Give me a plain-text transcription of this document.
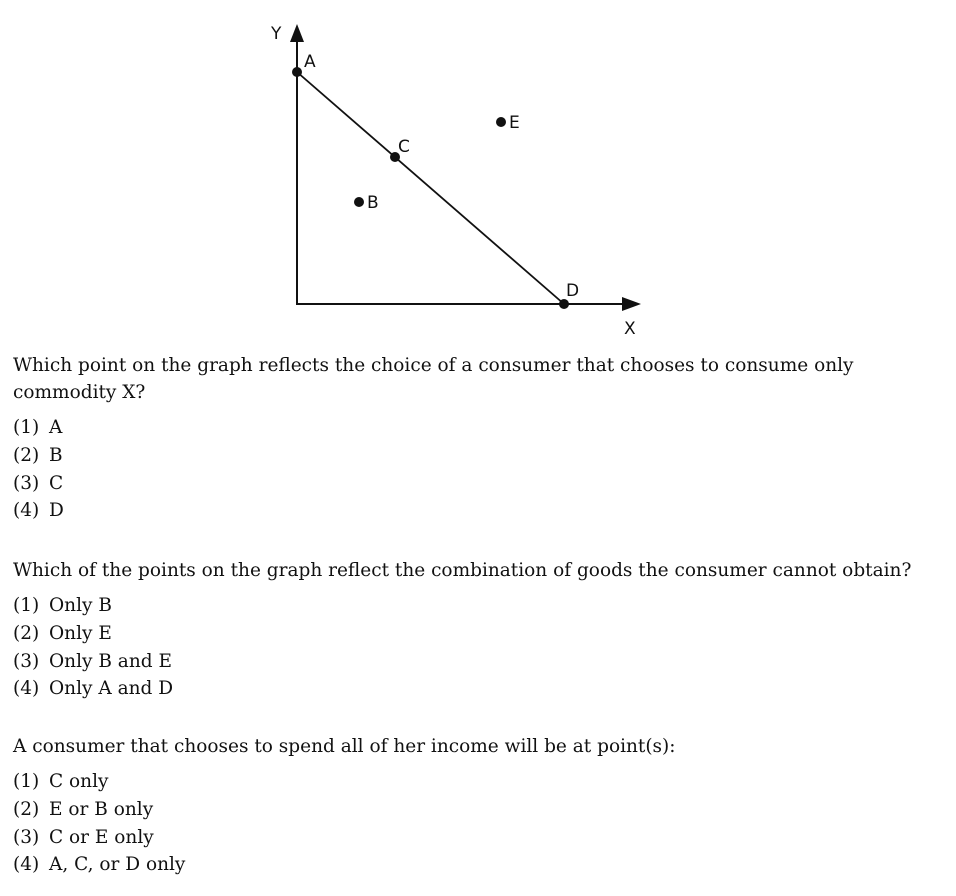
Y
X
A
C
D
B
E

Which point on the graph reflects the choice of a consumer that chooses to consume only commodity X?

(1) A
(2) B
(3) C
(4) D

Which of the points on the graph reflect the combination of goods the consumer cannot obtain?

(1) Only B
(2) Only E
(3) Only B and E
(4) Only A and D

A consumer that chooses to spend all of her income will be at point(s):

(1) C only
(2) E or B only
(3) C or E only
(4) A, C, or D only
